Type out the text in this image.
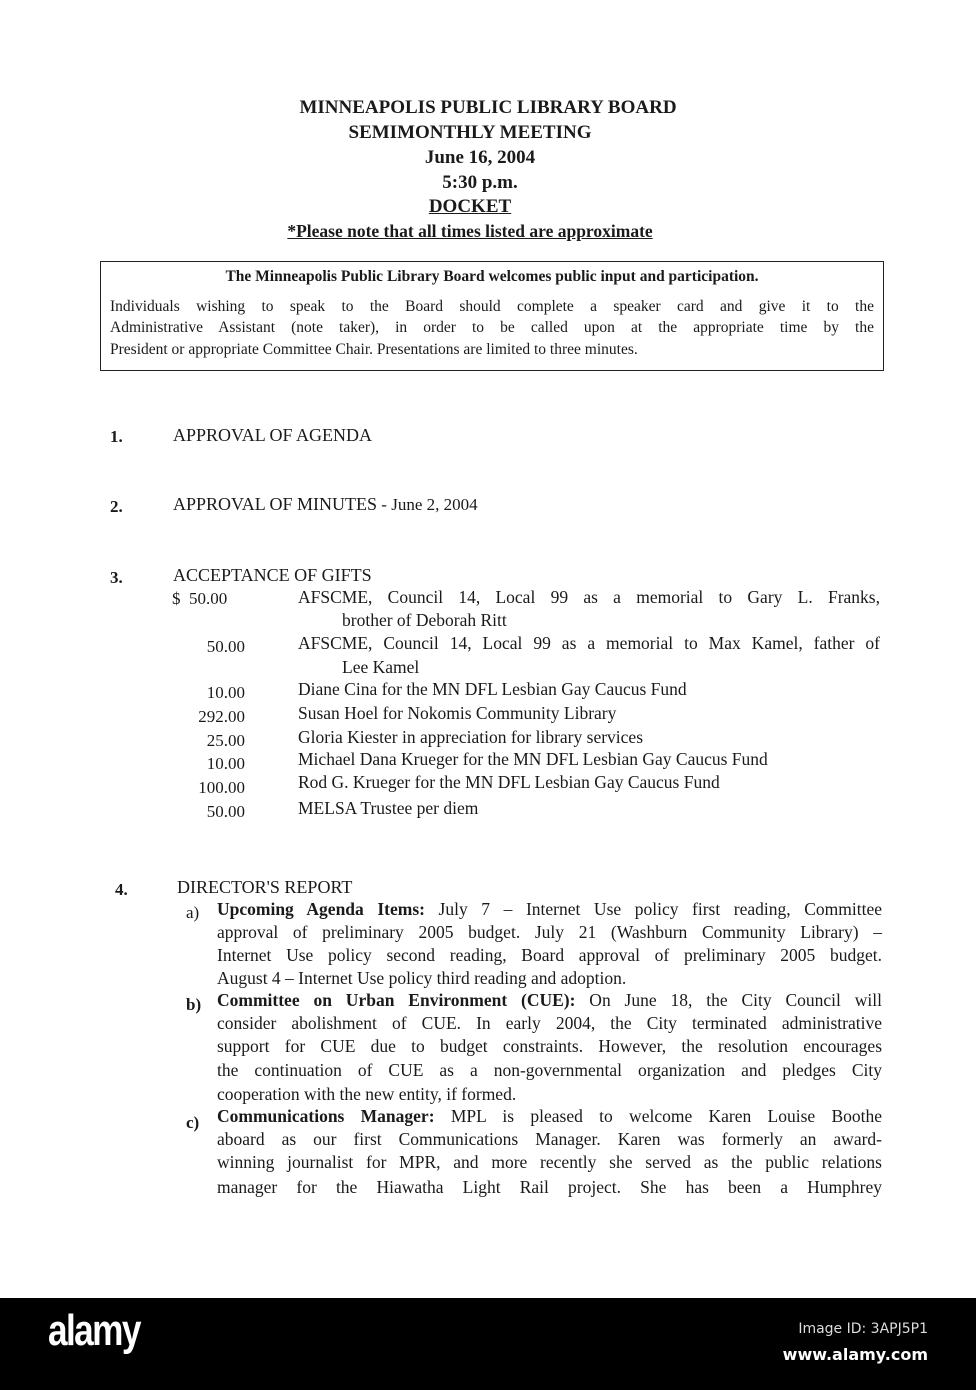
MINNEAPOLIS PUBLIC LIBRARY BOARD
SEMIMONTHLY MEETING
June 16, 2004
5:30 p.m.
DOCKET
*Please note that all times listed are approximate
The Minneapolis Public Library Board welcomes public input and participation.
Individuals wishing to speak to the Board should complete a speaker card and give it to the
Administrative Assistant (note taker), in order to be called upon at the appropriate time by the
President or appropriate Committee Chair. Presentations are limited to three minutes.
1.	APPROVAL OF AGENDA
2.	APPROVAL OF MINUTES - June 2, 2004
3.	ACCEPTANCE OF GIFTS
$  50.00	AFSCME, Council 14, Local 99 as a memorial to Gary L. Franks,
brother of Deborah Ritt
50.00	AFSCME, Council 14, Local 99 as a memorial to Max Kamel, father of
Lee Kamel
10.00	Diane Cina for the MN DFL Lesbian Gay Caucus Fund
292.00	Susan Hoel for Nokomis Community Library
25.00	Gloria Kiester in appreciation for library services
10.00	Michael Dana Krueger for the MN DFL Lesbian Gay Caucus Fund
100.00	Rod G. Krueger for the MN DFL Lesbian Gay Caucus Fund
50.00	MELSA Trustee per diem
4.	DIRECTOR'S REPORT
a) Upcoming Agenda Items: July 7 – Internet Use policy first reading, Committee
approval of preliminary 2005 budget. July 21 (Washburn Community Library) –
Internet Use policy second reading, Board approval of preliminary 2005 budget.
August 4 – Internet Use policy third reading and adoption.
b) Committee on Urban Environment (CUE): On June 18, the City Council will
consider abolishment of CUE. In early 2004, the City terminated administrative
support for CUE due to budget constraints. However, the resolution encourages
the continuation of CUE as a non-governmental organization and pledges City
cooperation with the new entity, if formed.
c) Communications Manager: MPL is pleased to welcome Karen Louise Boothe
aboard as our first Communications Manager. Karen was formerly an award-
winning journalist for MPR, and more recently she served as the public relations
manager for the Hiawatha Light Rail project. She has been a Humphrey
alamy	Image ID: 3APJ5P1
www.alamy.com
